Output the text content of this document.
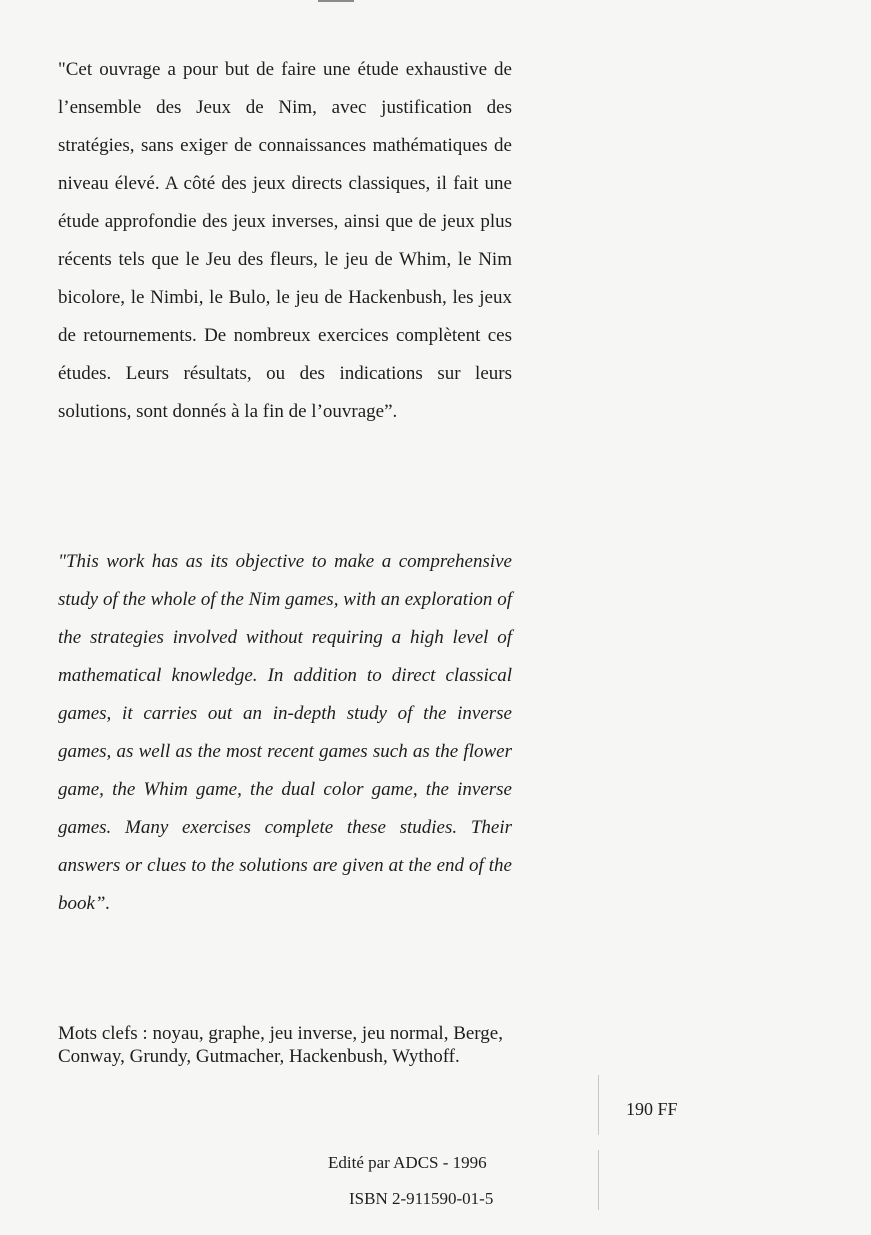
"Cet ouvrage a pour but de faire une étude exhaustive de l’ensemble des Jeux de Nim, avec justification des stratégies, sans exiger de connaissances mathématiques de niveau élevé. A côté des jeux directs classiques, il fait une étude approfondie des jeux inverses, ainsi que de jeux plus récents tels que le Jeu des fleurs, le jeu de Whim, le Nim bicolore, le Nimbi, le Bulo, le jeu de Hackenbush, les jeux de retournements. De nombreux exercices complètent ces études. Leurs résultats, ou des indications sur leurs solutions, sont donnés à la fin de l’ouvrage”.

"This work has as its objective to make a comprehensive study of the whole of the Nim games, with an exploration of the strategies involved without requiring a high level of mathematical knowledge. In addition to direct classical games, it carries out an in-depth study of the inverse games, as well as the most recent games such as the flower game, the Whim game, the dual color game, the inverse games. Many exercises complete these studies. Their answers or clues to the solutions are given at the end of the book”.

Mots clefs : noyau, graphe, jeu inverse, jeu normal, Berge, Conway, Grundy, Gutmacher, Hackenbush, Wythoff.

190 FF
Edité par ADCS - 1996
ISBN 2-911590-01-5
